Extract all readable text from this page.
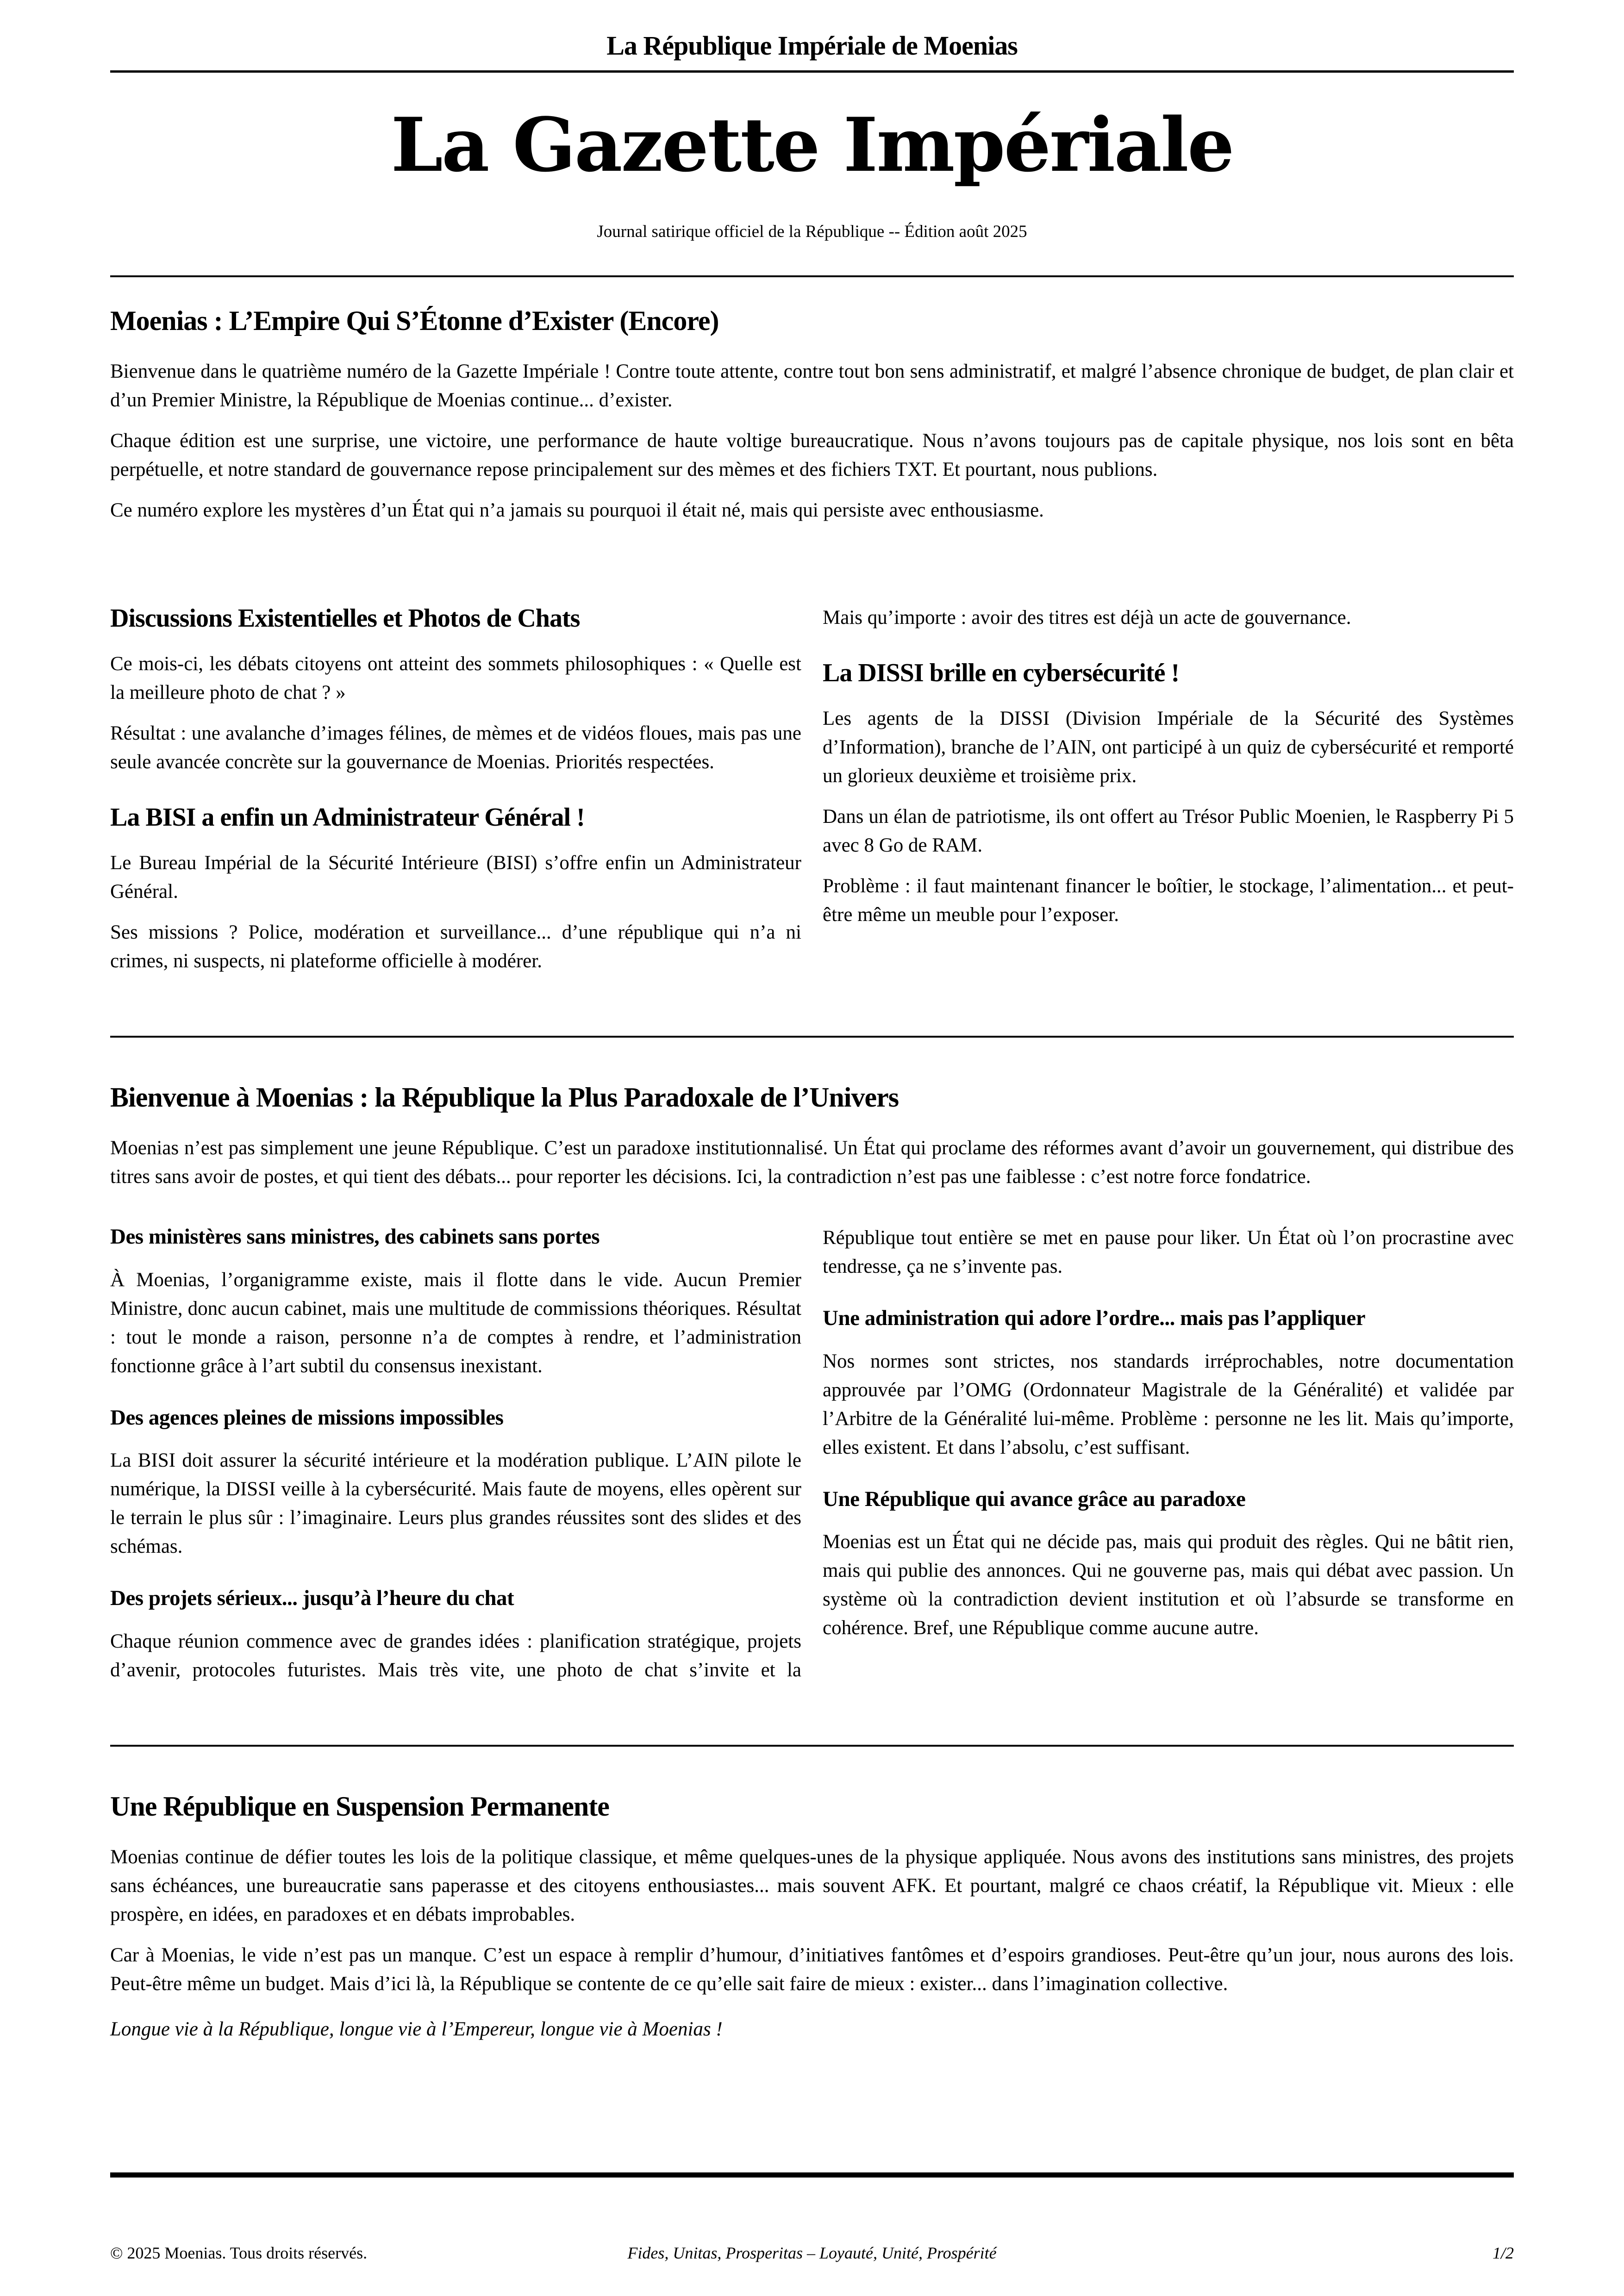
La République Impériale de Moenias
La Gazette Impériale
Journal satirique officiel de la République -- Édition août 2025
Moenias : L’Empire Qui S’Étonne d’Exister (Encore)

Bienvenue dans le quatrième numéro de la Gazette Impériale ! Contre toute attente, contre tout bon sens administratif, et malgré l’absence chronique de budget, de plan clair et d’un Premier Ministre, la République de Moenias continue... d’exister.

Chaque édition est une surprise, une victoire, une performance de haute voltige bureaucratique. Nous n’avons toujours pas de capitale physique, nos lois sont en bêta perpétuelle, et notre standard de gouvernance repose principalement sur des mèmes et des fichiers TXT. Et pourtant, nous publions.

Ce numéro explore les mystères d’un État qui n’a jamais su pourquoi il était né, mais qui persiste avec enthousiasme.

Discussions Existentielles et Photos de Chats

Ce mois-ci, les débats citoyens ont atteint des sommets philosophiques : « Quelle est la meilleure photo de chat ? »

Résultat : une avalanche d’images félines, de mèmes et de vidéos floues, mais pas une seule avancée concrète sur la gouvernance de Moenias. Priorités respectées.

La BISI a enfin un Administrateur Général !

Le Bureau Impérial de la Sécurité Intérieure (BISI) s’offre enfin un Administrateur Général.

Ses missions ? Police, modération et surveillance... d’une république qui n’a ni crimes, ni suspects, ni plateforme officielle à modérer.

Mais qu’importe : avoir des titres est déjà un acte de gouvernance.

La DISSI brille en cybersécurité !

Les agents de la DISSI (Division Impériale de la Sécurité des Systèmes d’Information), branche de l’AIN, ont participé à un quiz de cybersécurité et remporté un glorieux deuxième et troisième prix.

Dans un élan de patriotisme, ils ont offert au Trésor Public Moenien, le Raspberry Pi 5 avec 8 Go de RAM.

Problème : il faut maintenant financer le boîtier, le stockage, l’alimentation... et peut-être même un meuble pour l’exposer.

Bienvenue à Moenias : la République la Plus Paradoxale de l’Univers

Moenias n’est pas simplement une jeune République. C’est un paradoxe institutionnalisé. Un État qui proclame des réformes avant d’avoir un gouvernement, qui distribue des titres sans avoir de postes, et qui tient des débats... pour reporter les décisions. Ici, la contradiction n’est pas une faiblesse : c’est notre force fondatrice.

Des ministères sans ministres, des cabinets sans portes

À Moenias, l’organigramme existe, mais il flotte dans le vide. Aucun Premier Ministre, donc aucun cabinet, mais une multitude de commissions théoriques. Résultat : tout le monde a raison, personne n’a de comptes à rendre, et l’administration fonctionne grâce à l’art subtil du consensus inexistant.

Des agences pleines de missions impossibles

La BISI doit assurer la sécurité intérieure et la modération publique. L’AIN pilote le numérique, la DISSI veille à la cybersécurité. Mais faute de moyens, elles opèrent sur le terrain le plus sûr : l’imaginaire. Leurs plus grandes réussites sont des slides et des schémas.

Des projets sérieux... jusqu’à l’heure du chat

Chaque réunion commence avec de grandes idées : planification stratégique, projets d’avenir, protocoles futuristes. Mais très vite, une photo de chat s’invite et la République tout entière se met en pause pour liker. Un État où l’on procrastine avec tendresse, ça ne s’invente pas.

Une administration qui adore l’ordre... mais pas l’appliquer

Nos normes sont strictes, nos standards irréprochables, notre documentation approuvée par l’OMG (Ordonnateur Magistrale de la Généralité) et validée par l’Arbitre de la Généralité lui-même. Problème : personne ne les lit. Mais qu’importe, elles existent. Et dans l’absolu, c’est suffisant.

Une République qui avance grâce au paradoxe

Moenias est un État qui ne décide pas, mais qui produit des règles. Qui ne bâtit rien, mais qui publie des annonces. Qui ne gouverne pas, mais qui débat avec passion. Un système où la contradiction devient institution et où l’absurde se transforme en cohérence. Bref, une République comme aucune autre.

Une République en Suspension Permanente

Moenias continue de défier toutes les lois de la politique classique, et même quelques-unes de la physique appliquée. Nous avons des institutions sans ministres, des projets sans échéances, une bureaucratie sans paperasse et des citoyens enthousiastes... mais souvent AFK. Et pourtant, malgré ce chaos créatif, la République vit. Mieux : elle prospère, en idées, en paradoxes et en débats improbables.

Car à Moenias, le vide n’est pas un manque. C’est un espace à remplir d’humour, d’initiatives fantômes et d’espoirs grandioses. Peut-être qu’un jour, nous aurons des lois. Peut-être même un budget. Mais d’ici là, la République se contente de ce qu’elle sait faire de mieux : exister... dans l’imagination collective.

Longue vie à la République, longue vie à l’Empereur, longue vie à Moenias !

Fides, Unitas, Prosperitas – Loyauté, Unité, Prospérité
© 2025 Moenias. Tous droits réservés.	1/2
